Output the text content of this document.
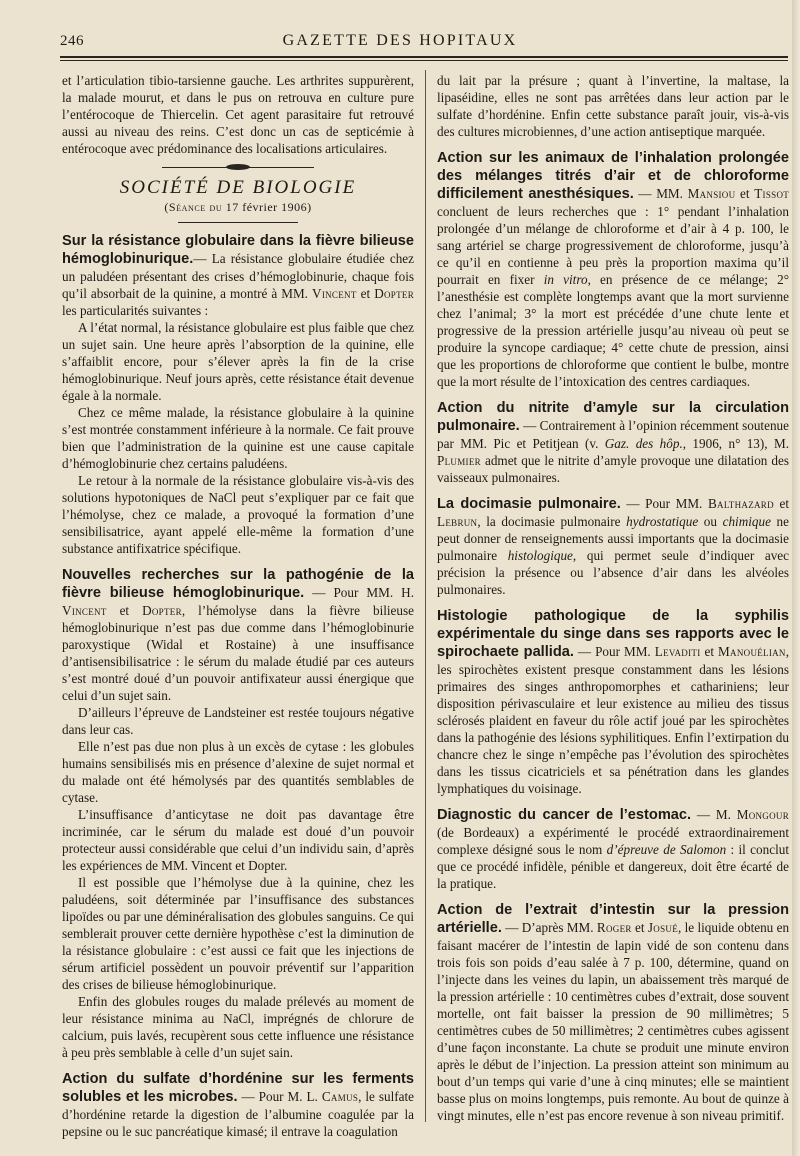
246	GAZETTE DES HOPITAUX

et l’articulation tibio-tarsienne gauche. Les arthrites suppurèrent, la malade mourut, et dans le pus on retrouva en culture pure l’entérocoque de Thiercelin. Cet agent parasitaire fut retrouvé aussi au niveau des reins. C’est donc un cas de septicémie à entérocoque avec prédominance des localisations articulaires.

SOCIÉTÉ DE BIOLOGIE
(Séance du 17 février 1906)

Sur la résistance globulaire dans la fièvre bilieuse hémoglobinurique.— La résistance globulaire étudiée chez un paludéen présentant des crises d’hémoglobinurie, chaque fois qu’il absorbait de la quinine, a montré à MM. Vincent et Dopter les particularités suivantes :

A l’état normal, la résistance globulaire est plus faible que chez un sujet sain. Une heure après l’absorption de la quinine, elle s’affaiblit encore, pour s’élever après la fin de la crise hémoglobinurique. Neuf jours après, cette résistance était devenue égale à la normale.

Chez ce même malade, la résistance globulaire à la quinine s’est montrée constamment inférieure à la normale. Ce fait prouve bien que l’administration de la quinine est une cause capitale d’hémoglobinurie chez certains paludéens.

Le retour à la normale de la résistance globulaire vis-à-vis des solutions hypotoniques de NaCl peut s’expliquer par ce fait que l’hémolyse, chez ce malade, a provoqué la formation d’une sensibilisatrice, ayant appelé elle-même la formation d’une substance antifixatrice spécifique.

Nouvelles recherches sur la pathogénie de la fièvre bilieuse hémoglobinurique. — Pour MM. H. Vincent et Dopter, l’hémolyse dans la fièvre bilieuse hémoglobinurique n’est pas due comme dans l’hémoglobinurie paroxystique (Widal et Rostaine) à une insuffisance d’antisensibilisatrice : le sérum du malade étudié par ces auteurs s’est montré doué d’un pouvoir antifixateur aussi énergique que celui d’un sujet sain.

D’ailleurs l’épreuve de Landsteiner est restée toujours négative dans leur cas.

Elle n’est pas due non plus à un excès de cytase : les globules humains sensibilisés mis en présence d’alexine de sujet normal et du malade ont été hémolysés par des quantités semblables de cytase.

L’insuffisance d’anticytase ne doit pas davantage être incriminée, car le sérum du malade est doué d’un pouvoir protecteur aussi considérable que celui d’un individu sain, d’après les expériences de MM. Vincent et Dopter.

Il est possible que l’hémolyse due à la quinine, chez les paludéens, soit déterminée par l’insuffisance des substances lipoïdes ou par une déminéralisation des globules sanguins. Ce qui semblerait prouver cette dernière hypothèse c’est la diminution de la résistance globulaire : c’est aussi ce fait que les injections de sérum artificiel possèdent un pouvoir préventif sur l’apparition des crises de bilieuse hémoglobinurique.

Enfin des globules rouges du malade prélevés au moment de leur résistance minima au NaCl, imprégnés de chlorure de calcium, puis lavés, recupèrent sous cette influence une résistance à peu près semblable à celle d’un sujet sain.

Action du sulfate d’hordénine sur les ferments solubles et les microbes. — Pour M. L. Camus, le sulfate d’hordénine retarde la digestion de l’albumine coagulée par la pepsine ou le suc pancréatique kimasé; il entrave la coagulation

du lait par la présure ; quant à l’invertine, la maltase, la lipaséidine, elles ne sont pas arrêtées dans leur action par le sulfate d’hordénine. Enfin cette substance paraît jouir, vis-à-vis des cultures microbiennes, d’une action antiseptique marquée.

Action sur les animaux de l’inhalation prolongée des mélanges titrés d’air et de chloroforme difficilement anesthésiques. — MM. Mansiou et Tissot concluent de leurs recherches que : 1° pendant l’inhalation prolongée d’un mélange de chloroforme et d’air à 4 p. 100, le sang artériel se charge progressivement de chloroforme, jusqu’à ce qu’il en contienne à peu près la proportion maxima qu’il pourrait en fixer in vitro, en présence de ce mélange; 2° l’anesthésie est complète longtemps avant que la mort survienne chez l’animal; 3° la mort est précédée d’une chute lente et progressive de la pression artérielle jusqu’au niveau où peut se produire la syncope cardiaque; 4° cette chute de pression, ainsi que les proportions de chloroforme que contient le bulbe, montre que la mort résulte de l’intoxication des centres cardiaques.

Action du nitrite d’amyle sur la circulation pulmonaire. — Contrairement à l’opinion récemment soutenue par MM. Pic et Petitjean (v. Gaz. des hôp., 1906, n° 13), M. Plumier admet que le nitrite d’amyle provoque une dilatation des vaisseaux pulmonaires.

La docimasie pulmonaire. — Pour MM. Balthazard et Lebrun, la docimasie pulmonaire hydrostatique ou chimique ne peut donner de renseignements aussi importants que la docimasie pulmonaire histologique, qui permet seule d’indiquer avec précision la présence ou l’absence d’air dans les alvéoles pulmonaires.

Histologie pathologique de la syphilis expérimentale du singe dans ses rapports avec le spirochaete pallida. — Pour MM. Levaditi et Manouélian, les spirochètes existent presque constamment dans les lésions primaires des singes anthropomorphes et cathariniens; leur disposition périvasculaire et leur existence au milieu des tissus sclérosés plaident en faveur du rôle actif joué par les spirochètes dans la pathogénie des lésions syphilitiques. Enfin l’extirpation du chancre chez le singe n’empêche pas l’évolution des spirochètes dans les tissus cicatriciels et sa pénétration dans les glandes lymphatiques du voisinage.

Diagnostic du cancer de l’estomac. — M. Mongour (de Bordeaux) a expérimenté le procédé extraordinairement complexe désigné sous le nom d’épreuve de Salomon : il conclut que ce procédé infidèle, pénible et dangereux, doit être écarté de la pratique.

Action de l’extrait d’intestin sur la pression artérielle. — D’après MM. Roger et Josué, le liquide obtenu en faisant macérer de l’intestin de lapin vidé de son contenu dans trois fois son poids d’eau salée à 7 p. 100, détermine, quand on l’injecte dans les veines du lapin, un abaissement très marqué de la pression artérielle : 10 centimètres cubes d’extrait, dose souvent mortelle, ont fait baisser la pression de 90 millimètres; 5 centimètres cubes de 50 millimètres; 2 centimètres cubes agissent d’une façon inconstante. La chute se produit une minute environ après le début de l’injection. La pression atteint son minimum au bout d’un temps qui varie d’une à cinq minutes; elle se maintient basse plus on moins longtemps, puis remonte. Au bout de quinze à vingt minutes, elle n’est pas encore revenue à son niveau primitif.
